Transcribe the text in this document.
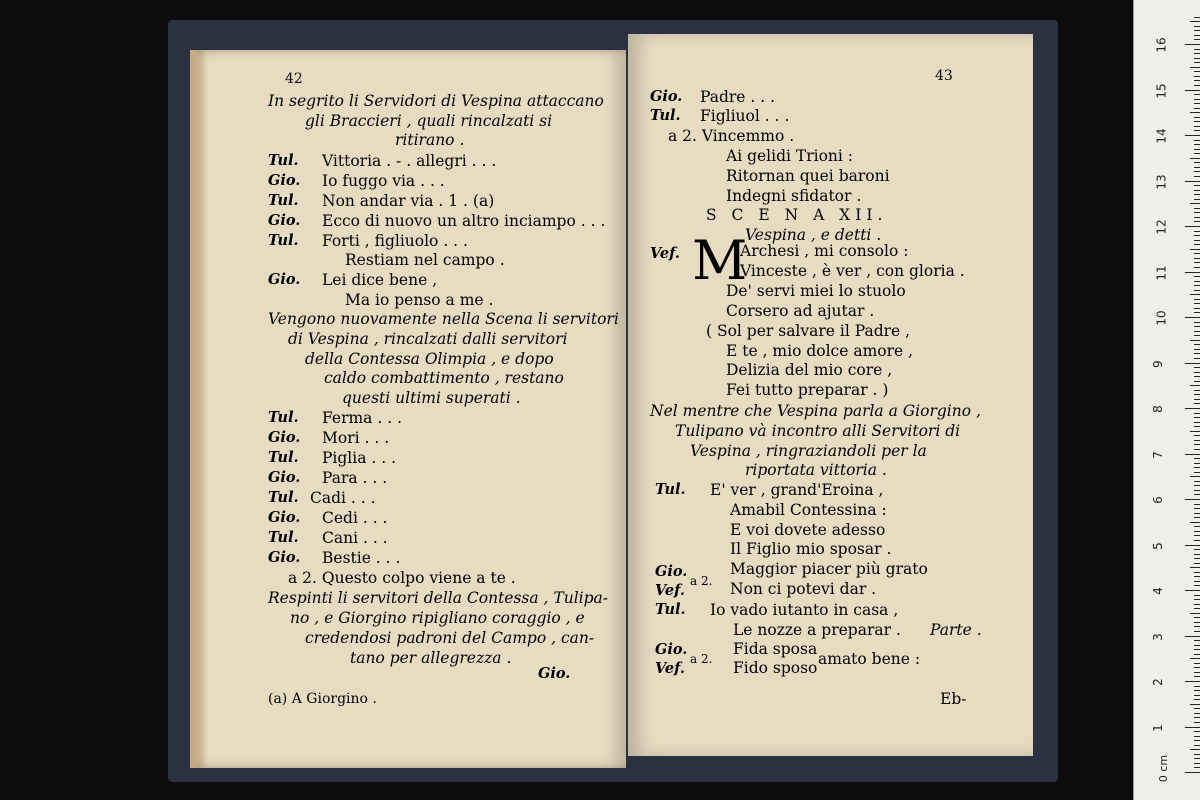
42
In segrito li Servidori di Vespina attaccano
gli Braccieri , quali rincalzati si
ritirano .
Tul. Vittoria . - . allegri . . .
Gio. Io fuggo via . . .
Tul. Non andar via . 1 . (a)
Gio. Ecco di nuovo un altro inciampo . . .
Tul. Forti , figliuolo . . .
Restiam nel campo .
Gio. Lei dice bene ,
Ma io penso a me .
Vengono nuovamente nella Scena li servitori
di Vespina , rincalzati dalli servitori
della Contessa Olimpia , e dopo
caldo combattimento , restano
questi ultimi superati .
Tul. Ferma . . .
Gio. Mori . . .
Tul. Piglia . . .
Gio. Para . . .
Tul. Cadi . . .
Gio. Cedi . . .
Tul. Cani . . .
Gio. Bestie . . .
a 2. Questo colpo viene a te .
Respinti li servitori della Contessa , Tulipa-
no , e Giorgino ripigliano coraggio , e
credendosi padroni del Campo , can-
tano per allegrezza .
Gio.
(a) A Giorgino .
43
Gio. Padre . . .
Tul. Figliuol . . .
a 2. Vincemmo .
Ai gelidi Trioni :
Ritornan quei baroni
Indegni sfidator .
S C E N A XII.
Vespina , e detti .
Vef. M
Archesi , mi consolo :
Vinceste , è ver , con gloria .
De' servi miei lo stuolo
Corsero ad ajutar .
( Sol per salvare il Padre ,
E te , mio dolce amore ,
Delizia del mio core ,
Fei tutto preparar . )
Nel mentre che Vespina parla a Giorgino ,
Tulipano và incontro alli Servitori di
Vespina , ringraziandoli per la
riportata vittoria .
Tul. E' ver , grand'Eroina ,
Amabil Contessina :
E voi dovete adesso
Il Figlio mio sposar .
Gio.
a 2.
Maggior piacer più grato
Vef.	Non ci potevi dar .
Tul. Io vado iutanto in casa ,
Le nozze a preparar . Parte .
Gio.
a 2.
Fida sposa
Vef.	Fido sposo amato bene :
Eb-
0 cm
1
2
3
4
5
6
7
8
9
10
11
12
13
14
15
16
